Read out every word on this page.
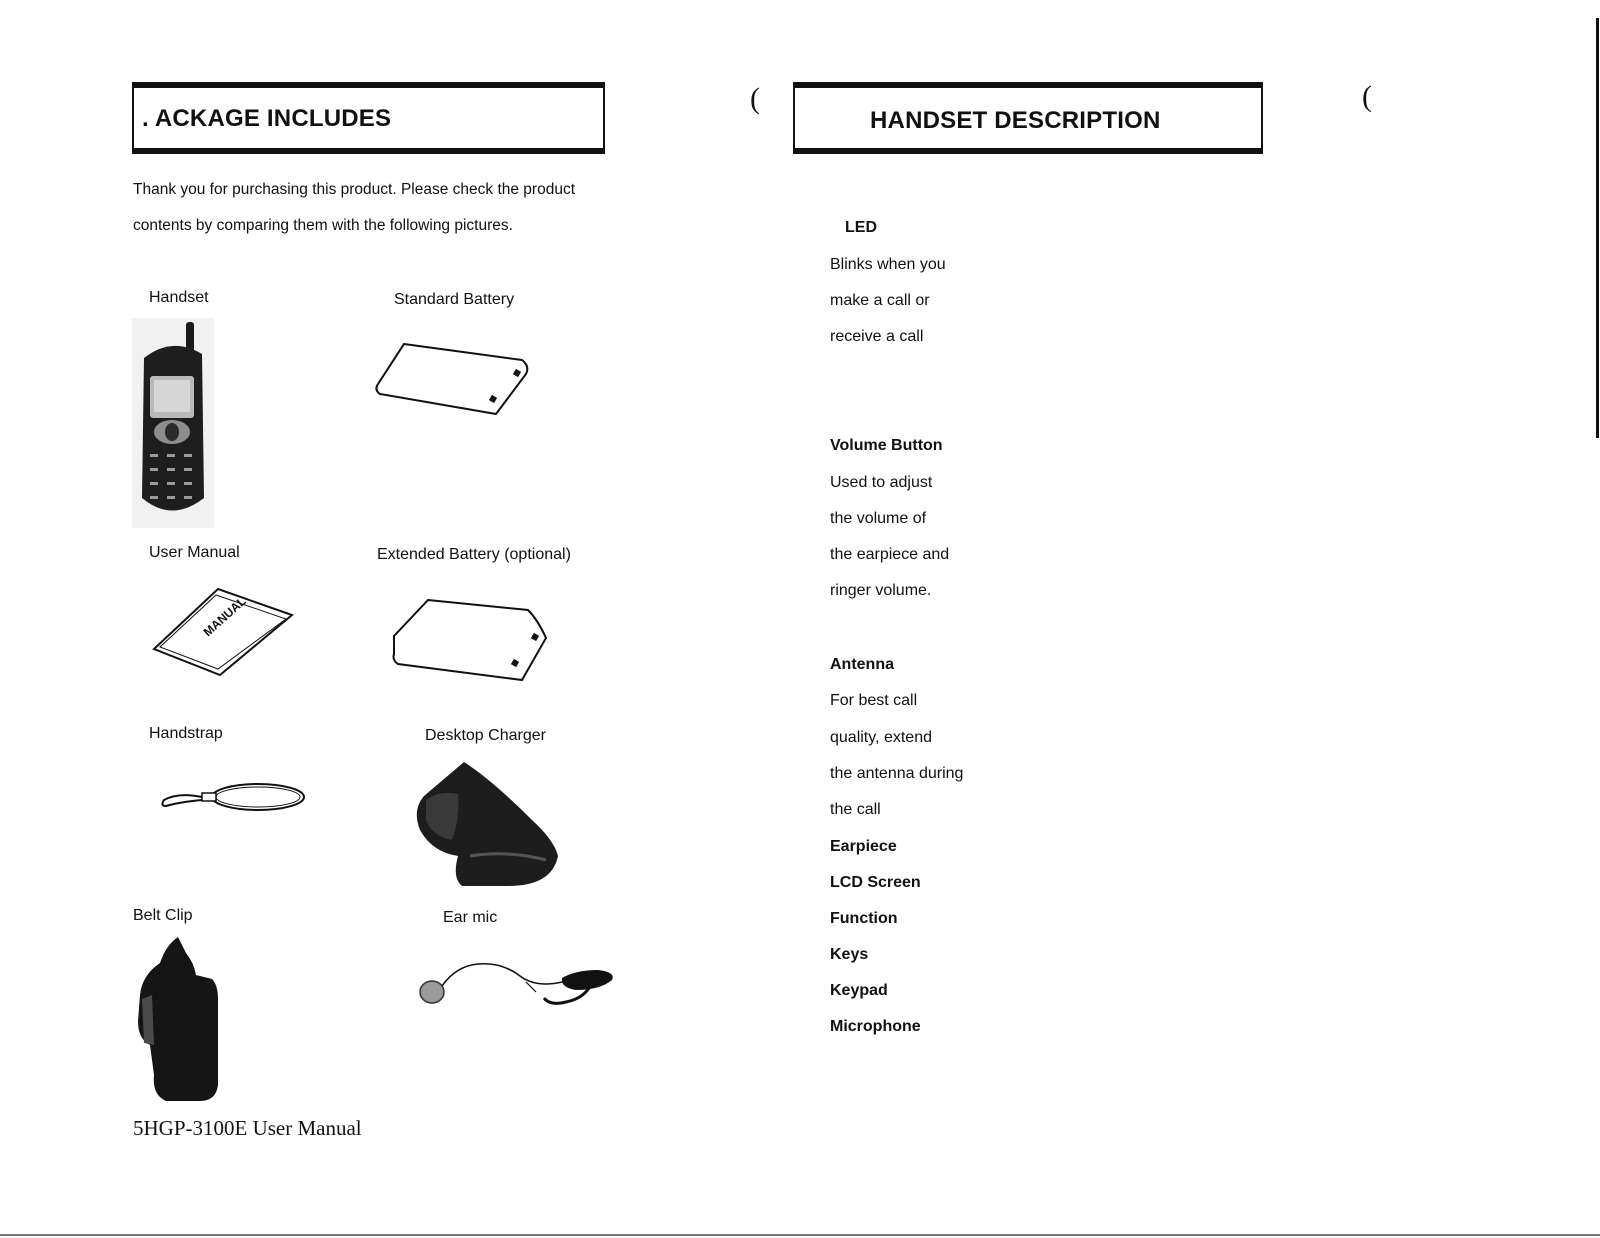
. ACKAGE INCLUDES
Thank you for purchasing this product. Please check the product
contents by comparing them with the following pictures.
Handset	Standard Battery
User Manual	Extended Battery (optional)
Handstrap	Desktop Charger
Belt Clip	Ear mic
MANUAL
5HGP-3100E User Manual
(	(
HANDSET DESCRIPTION
LED
Blinks when you
make a call or
receive a call
Volume Button
Used to adjust
the volume of
the earpiece and
ringer volume.
Antenna
For best call
quality, extend
the antenna during
the call
Earpiece
LCD Screen
Function
Keys
Keypad
Microphone
